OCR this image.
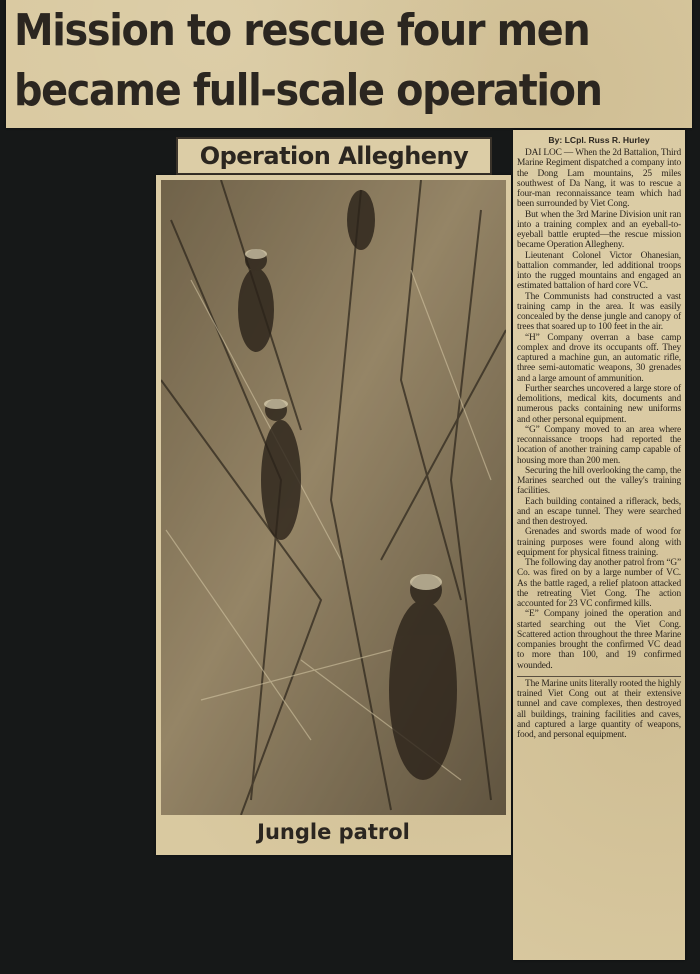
Mission to rescue four men
became full-scale operation
Operation Allegheny
Jungle patrol

By: LCpl. Russ R. Hurley

DAI LOC — When the 2d Battalion, Third Marine Regiment dispatched a company into the Dong Lam mountains, 25 miles southwest of Da Nang, it was to rescue a four-man reconnaissance team which had been surrounded by Viet Cong.

But when the 3rd Marine Division unit ran into a training complex and an eyeball-to-eyeball battle erupted—the rescue mission became Operation Allegheny.

Lieutenant Colonel Victor Ohanesian, battalion commander, led additional troops into the rugged mountains and engaged an estimated battalion of hard core VC.

The Communists had constructed a vast training camp in the area. It was easily concealed by the dense jungle and canopy of trees that soared up to 100 feet in the air.

“H” Company overran a base camp complex and drove its occupants off. They captured a machine gun, an automatic rifle, three semi-automatic weapons, 30 grenades and a large amount of ammunition.

Further searches uncovered a large store of demolitions, medical kits, documents and numerous packs containing new uniforms and other personal equipment.

“G” Company moved to an area where reconnaissance troops had reported the location of another training camp capable of housing more than 200 men.

Securing the hill overlooking the camp, the Marines searched out the valley's training facilities.

Each building contained a riflerack, beds, and an escape tunnel. They were searched and then destroyed.

Grenades and swords made of wood for training purposes were found along with equipment for physical fitness training.

The following day another patrol from “G” Co. was fired on by a large number of VC. As the battle raged, a relief platoon attacked the retreating Viet Cong. The action accounted for 23 VC confirmed kills.

“E” Company joined the operation and started searching out the Viet Cong. Scattered action throughout the three Marine companies brought the confirmed VC dead to more than 100, and 19 confirmed wounded.

The Marine units literally rooted the highly trained Viet Cong out at their extensive tunnel and cave complexes, then destroyed all buildings, training facilities and caves, and captured a large quantity of weapons, food, and personal equipment.
